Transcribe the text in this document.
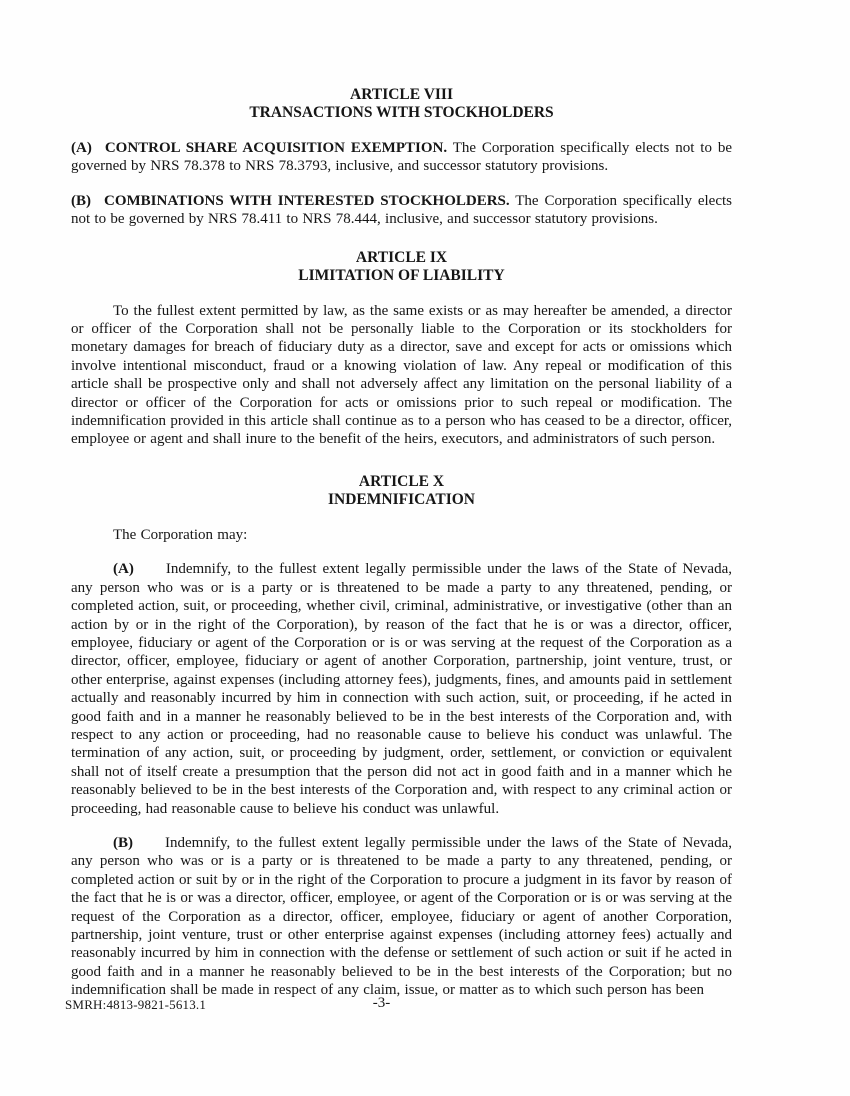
ARTICLE VIII
TRANSACTIONS WITH STOCKHOLDERS

(A) CONTROL SHARE ACQUISITION EXEMPTION. The Corporation specifically elects not to be governed by NRS 78.378 to NRS 78.3793, inclusive, and successor statutory provisions.

(B) COMBINATIONS WITH INTERESTED STOCKHOLDERS. The Corporation specifically elects not to be governed by NRS 78.411 to NRS 78.444, inclusive, and successor statutory provisions.

ARTICLE IX
LIMITATION OF LIABILITY

To the fullest extent permitted by law, as the same exists or as may hereafter be amended, a director or officer of the Corporation shall not be personally liable to the Corporation or its stockholders for monetary damages for breach of fiduciary duty as a director, save and except for acts or omissions which involve intentional misconduct, fraud or a knowing violation of law. Any repeal or modification of this article shall be prospective only and shall not adversely affect any limitation on the personal liability of a director or officer of the Corporation for acts or omissions prior to such repeal or modification. The indemnification provided in this article shall continue as to a person who has ceased to be a director, officer, employee or agent and shall inure to the benefit of the heirs, executors, and administrators of such person.

ARTICLE X
INDEMNIFICATION

The Corporation may:

(A) Indemnify, to the fullest extent legally permissible under the laws of the State of Nevada, any person who was or is a party or is threatened to be made a party to any threatened, pending, or completed action, suit, or proceeding, whether civil, criminal, administrative, or investigative (other than an action by or in the right of the Corporation), by reason of the fact that he is or was a director, officer, employee, fiduciary or agent of the Corporation or is or was serving at the request of the Corporation as a director, officer, employee, fiduciary or agent of another Corporation, partnership, joint venture, trust, or other enterprise, against expenses (including attorney fees), judgments, fines, and amounts paid in settlement actually and reasonably incurred by him in connection with such action, suit, or proceeding, if he acted in good faith and in a manner he reasonably believed to be in the best interests of the Corporation and, with respect to any action or proceeding, had no reasonable cause to believe his conduct was unlawful. The termination of any action, suit, or proceeding by judgment, order, settlement, or conviction or equivalent shall not of itself create a presumption that the person did not act in good faith and in a manner which he reasonably believed to be in the best interests of the Corporation and, with respect to any criminal action or proceeding, had reasonable cause to believe his conduct was unlawful.

(B) Indemnify, to the fullest extent legally permissible under the laws of the State of Nevada, any person who was or is a party or is threatened to be made a party to any threatened, pending, or completed action or suit by or in the right of the Corporation to procure a judgment in its favor by reason of the fact that he is or was a director, officer, employee, or agent of the Corporation or is or was serving at the request of the Corporation as a director, officer, employee, fiduciary or agent of another Corporation, partnership, joint venture, trust or other enterprise against expenses (including attorney fees) actually and reasonably incurred by him in connection with the defense or settlement of such action or suit if he acted in good faith and in a manner he reasonably believed to be in the best interests of the Corporation; but no indemnification shall be made in respect of any claim, issue, or matter as to which such person has been

SMRH:4813-9821-5613.1	-3-
